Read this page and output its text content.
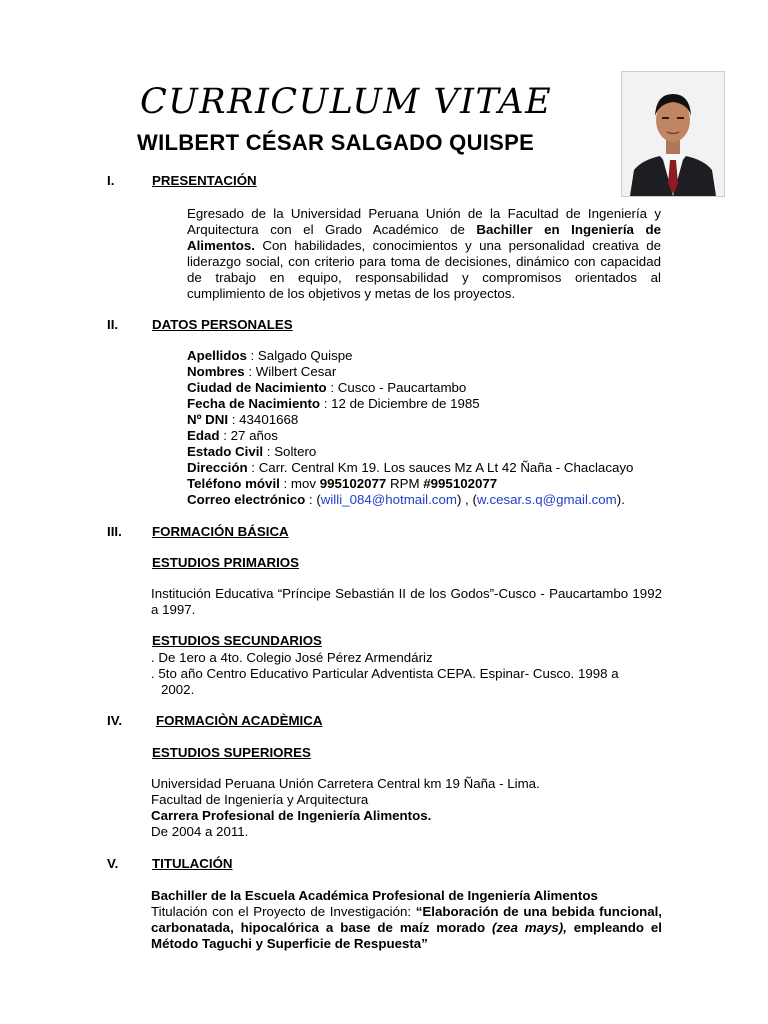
CURRICULUM VITAE
WILBERT CÉSAR SALGADO QUISPE
I.	PRESENTACIÓN
Egresado de la Universidad Peruana Unión de la Facultad de Ingeniería y Arquitectura con el Grado Académico de Bachiller en Ingeniería de Alimentos. Con habilidades, conocimientos y una personalidad creativa de liderazgo social, con criterio para toma de decisiones, dinámico con capacidad de trabajo en equipo, responsabilidad y compromisos orientados al cumplimiento de los objetivos y metas de los proyectos.
II.	DATOS PERSONALES
Apellidos : Salgado Quispe
Nombres : Wilbert Cesar
Ciudad de Nacimiento : Cusco - Paucartambo
Fecha de Nacimiento : 12 de Diciembre de 1985
Nº DNI : 43401668
Edad : 27 años
Estado Civil : Soltero
Dirección : Carr. Central Km 19. Los sauces Mz A Lt 42 Ñaña - Chaclacayo
Teléfono móvil : mov 995102077 RPM #995102077
Correo electrónico : (willi_084@hotmail.com) , (w.cesar.s.q@gmail.com).
III. FORMACIÓN BÁSICA
ESTUDIOS PRIMARIOS
Institución Educativa “Príncipe Sebastián II de los Godos”-Cusco - Paucartambo 1992 a 1997.
ESTUDIOS SECUNDARIOS
. De 1ero a 4to. Colegio José Pérez Armendáriz
. 5to año Centro Educativo Particular Adventista CEPA. Espinar- Cusco. 1998 a
2002.
IV.	FORMACIÒN ACADÈMICA
ESTUDIOS SUPERIORES
Universidad Peruana Unión Carretera Central km 19 Ñaña - Lima.
Facultad de Ingeniería y Arquitectura
Carrera Profesional de Ingeniería Alimentos.
De 2004 a 2011.
V.	TITULACIÓN
Bachiller de la Escuela Académica Profesional de Ingeniería Alimentos
Titulación con el Proyecto de Investigación: “Elaboración de una bebida funcional, carbonatada, hipocalórica a base de maíz morado (zea mays), empleando el Método Taguchi y Superficie de Respuesta”
